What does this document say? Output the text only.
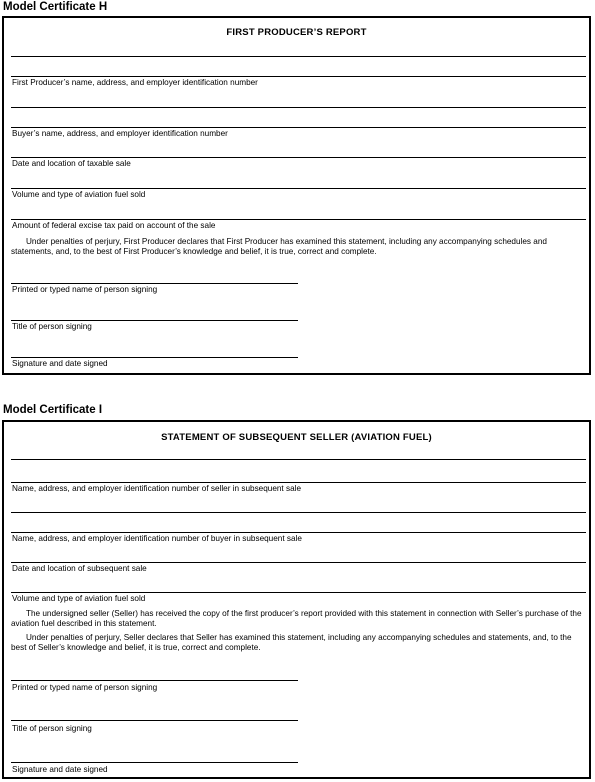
Model Certificate H
FIRST PRODUCER’S REPORT
First Producer’s name, address, and employer identification number
Buyer’s name, address, and employer identification number
Date and location of taxable sale
Volume and type of aviation fuel sold
Amount of federal excise tax paid on account of the sale
Under penalties of perjury, First Producer declares that First Producer has examined this statement, including any accompanying schedules and statements, and, to the best of First Producer’s knowledge and belief, it is true, correct and complete.
Printed or typed name of person signing
Title of person signing
Signature and date signed
Model Certificate I
STATEMENT OF SUBSEQUENT SELLER (AVIATION FUEL)
Name, address, and employer identification number of seller in subsequent sale
Name, address, and employer identification number of buyer in subsequent sale
Date and location of subsequent sale
Volume and type of aviation fuel sold
The undersigned seller (Seller) has received the copy of the first producer’s report provided with this statement in connection with Seller’s purchase of the aviation fuel described in this statement.
Under penalties of perjury, Seller declares that Seller has examined this statement, including any accompanying schedules and statements, and, to the best of Seller’s knowledge and belief, it is true, correct and complete.
Printed or typed name of person signing
Title of person signing
Signature and date signed
